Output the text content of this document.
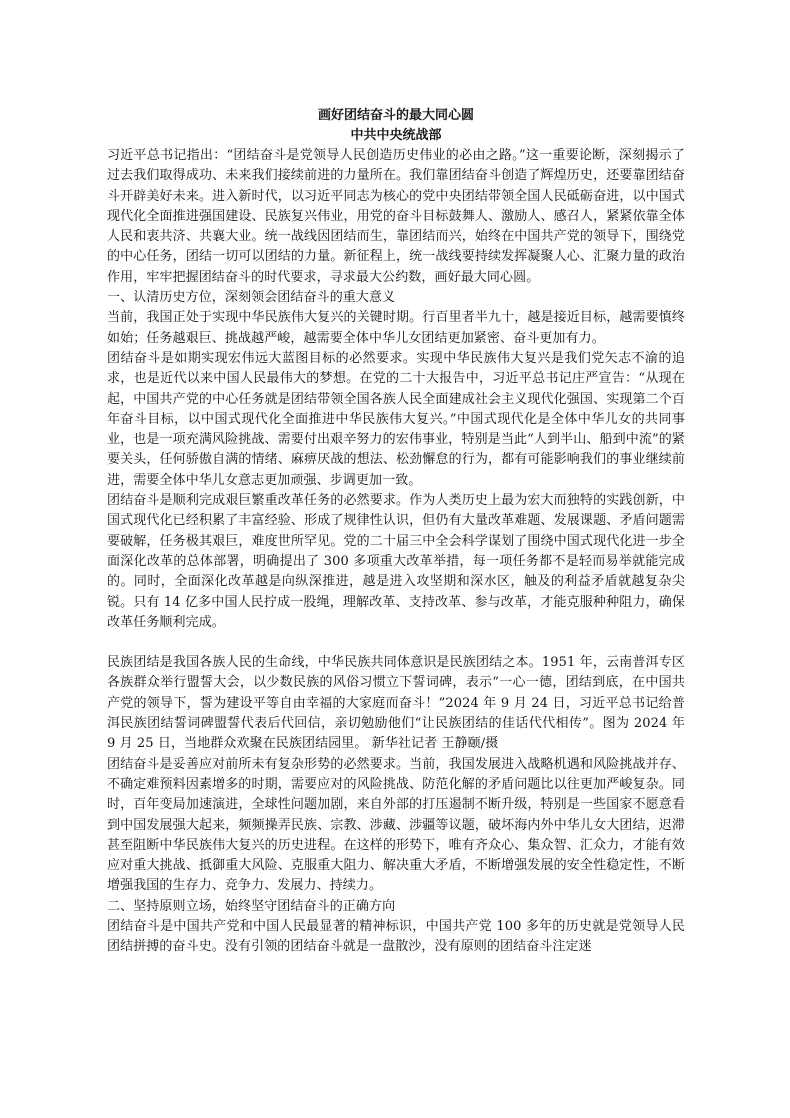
画好团结奋斗的最大同心圆
中共中央统战部

习近平总书记指出：“团结奋斗是党领导人民创造历史伟业的必由之路。”这一重要论断，深刻揭示了过去我们取得成功、未来我们接续前进的力量所在。我们靠团结奋斗创造了辉煌历史，还要靠团结奋斗开辟美好未来。进入新时代，以习近平同志为核心的党中央团结带领全国人民砥砺奋进，以中国式现代化全面推进强国建设、民族复兴伟业，用党的奋斗目标鼓舞人、激励人、感召人，紧紧依靠全体人民和衷共济、共襄大业。统一战线因团结而生，靠团结而兴，始终在中国共产党的领导下，围绕党的中心任务，团结一切可以团结的力量。新征程上，统一战线要持续发挥凝聚人心、汇聚力量的政治作用，牢牢把握团结奋斗的时代要求，寻求最大公约数，画好最大同心圆。

一、认清历史方位，深刻领会团结奋斗的重大意义

当前，我国正处于实现中华民族伟大复兴的关键时期。行百里者半九十，越是接近目标，越需要慎终如始；任务越艰巨、挑战越严峻，越需要全体中华儿女团结更加紧密、奋斗更加有力。

团结奋斗是如期实现宏伟远大蓝图目标的必然要求。实现中华民族伟大复兴是我们党矢志不渝的追求，也是近代以来中国人民最伟大的梦想。在党的二十大报告中，习近平总书记庄严宣告：“从现在起，中国共产党的中心任务就是团结带领全国各族人民全面建成社会主义现代化强国、实现第二个百年奋斗目标，以中国式现代化全面推进中华民族伟大复兴。”中国式现代化是全体中华儿女的共同事业，也是一项充满风险挑战、需要付出艰辛努力的宏伟事业，特别是当此“人到半山、船到中流”的紧要关头，任何骄傲自满的情绪、麻痹厌战的想法、松劲懈怠的行为，都有可能影响我们的事业继续前进，需要全体中华儿女意志更加顽强、步调更加一致。

团结奋斗是顺利完成艰巨繁重改革任务的必然要求。作为人类历史上最为宏大而独特的实践创新，中国式现代化已经积累了丰富经验、形成了规律性认识，但仍有大量改革难题、发展课题、矛盾问题需要破解，任务极其艰巨，难度世所罕见。党的二十届三中全会科学谋划了围绕中国式现代化进一步全面深化改革的总体部署，明确提出了 300 多项重大改革举措，每一项任务都不是轻而易举就能完成的。同时，全面深化改革越是向纵深推进，越是进入攻坚期和深水区，触及的利益矛盾就越复杂尖锐。只有 14 亿多中国人民拧成一股绳，理解改革、支持改革、参与改革，才能克服种种阻力，确保改革任务顺利完成。

民族团结是我国各族人民的生命线，中华民族共同体意识是民族团结之本。1951 年，云南普洱专区各族群众举行盟誓大会，以少数民族的风俗习惯立下誓词碑，表示“一心一德，团结到底，在中国共产党的领导下，誓为建设平等自由幸福的大家庭而奋斗！”2024 年 9 月 24 日，习近平总书记给普洱民族团结誓词碑盟誓代表后代回信，亲切勉励他们“让民族团结的佳话代代相传”。图为 2024 年 9 月 25 日，当地群众欢聚在民族团结园里。 新华社记者 王静颐/摄

团结奋斗是妥善应对前所未有复杂形势的必然要求。当前，我国发展进入战略机遇和风险挑战并存、不确定难预料因素增多的时期，需要应对的风险挑战、防范化解的矛盾问题比以往更加严峻复杂。同时，百年变局加速演进，全球性问题加剧，来自外部的打压遏制不断升级，特别是一些国家不愿意看到中国发展强大起来，频频操弄民族、宗教、涉藏、涉疆等议题，破坏海内外中华儿女大团结，迟滞甚至阻断中华民族伟大复兴的历史进程。在这样的形势下，唯有齐众心、集众智、汇众力，才能有效应对重大挑战、抵御重大风险、克服重大阻力、解决重大矛盾，不断增强发展的安全性稳定性，不断增强我国的生存力、竞争力、发展力、持续力。

二、坚持原则立场，始终坚守团结奋斗的正确方向

团结奋斗是中国共产党和中国人民最显著的精神标识，中国共产党 100 多年的历史就是党领导人民团结拼搏的奋斗史。没有引领的团结奋斗就是一盘散沙，没有原则的团结奋斗注定迷
